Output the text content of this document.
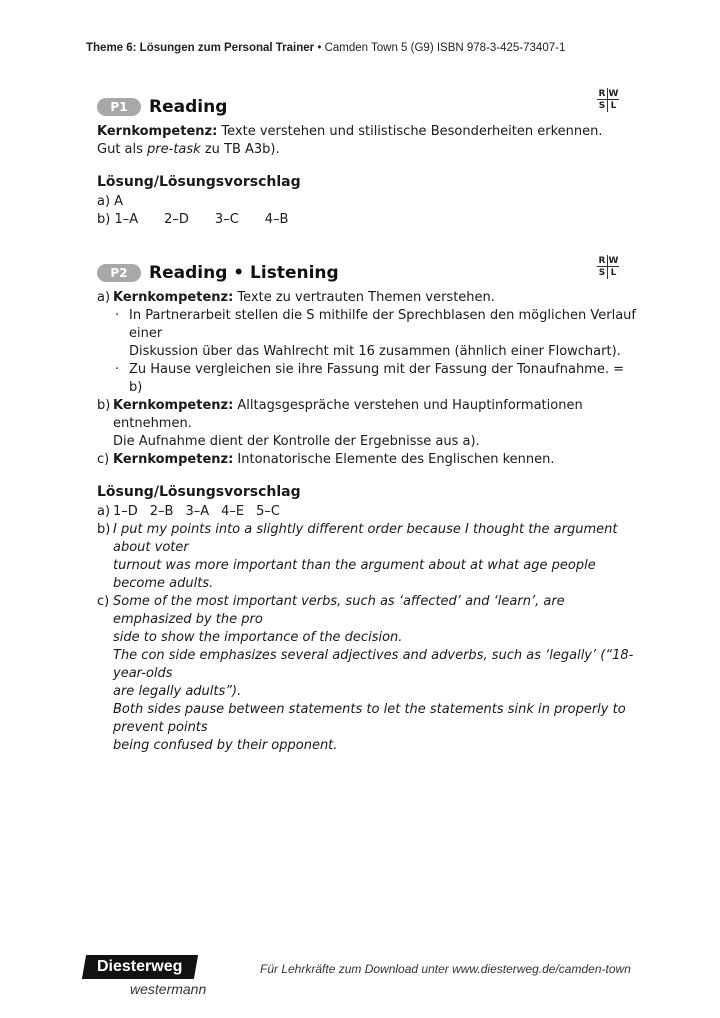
Theme 6: Lösungen zum Personal Trainer • Camden Town 5 (G9) ISBN 978-3-425-73407-1
R W
S L
P1	Reading
Kernkompetenz: Texte verstehen und stilistische Besonderheiten erkennen.
Gut als pre-task zu TB A3b).
Lösung/Lösungsvorschlag
a) A
b) 1–A 2–D 3–C 4–B
R W
S L
P2	Reading • Listening
a) Kernkompetenz: Texte zu vertrauten Themen verstehen.
· In Partnerarbeit stellen die S mithilfe der Sprechblasen den möglichen Verlauf einer
Diskussion über das Wahlrecht mit 16 zusammen (ähnlich einer Flowchart).
· Zu Hause vergleichen sie ihre Fassung mit der Fassung der Tonaufnahme. = b)
b) Kernkompetenz: Alltagsgespräche verstehen und Hauptinformationen entnehmen.
Die Aufnahme dient der Kontrolle der Ergebnisse aus a).
c) Kernkompetenz: Intonatorische Elemente des Englischen kennen.
Lösung/Lösungsvorschlag
a) 1–D 2–B 3–A 4–E 5–C
b) I put my points into a slightly different order because I thought the argument about voter
turnout was more important than the argument about at what age people become adults.
c) Some of the most important verbs, such as ‘affected’ and ‘learn’, are emphasized by the pro
side to show the importance of the decision.
The con side emphasizes several adjectives and adverbs, such as ‘legally’ (“18-year-olds
are legally adults”).
Both sides pause between statements to let the statements sink in properly to prevent points
being confused by their opponent.
Diesterweg
westermann
Für Lehrkräfte zum Download unter www.diesterweg.de/camden-town
